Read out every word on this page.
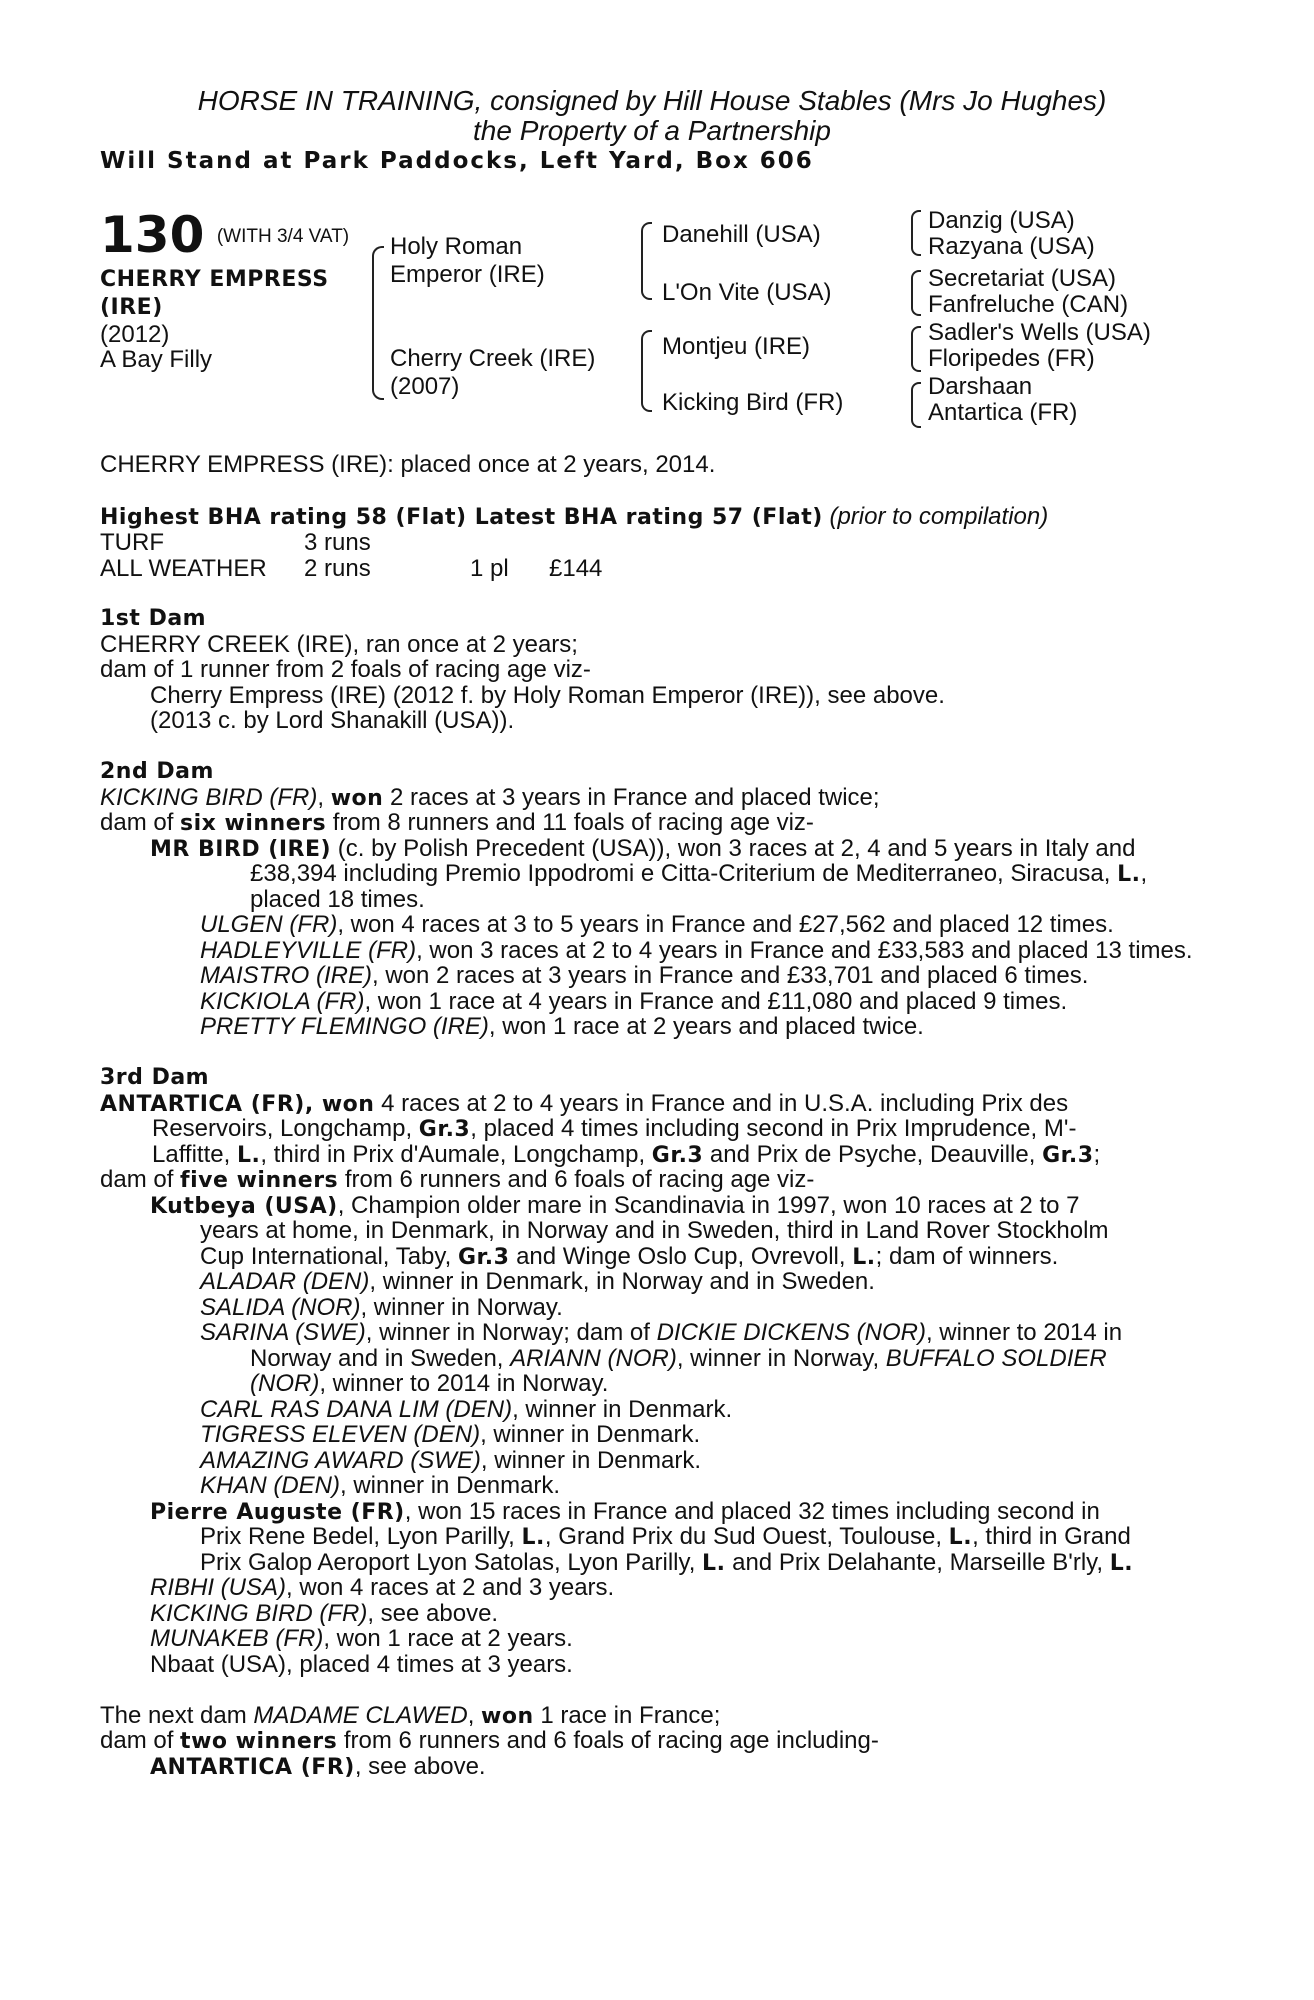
HORSE IN TRAINING, consigned by Hill House Stables (Mrs Jo Hughes)
the Property of a Partnership
Will Stand at Park Paddocks, Left Yard, Box 606
130 (WITH 3/4 VAT)
CHERRY EMPRESS
(IRE)
(2012)
A Bay Filly
Holy Roman
Emperor (IRE)
Cherry Creek (IRE)
(2007)
Danehill (USA)
L'On Vite (USA)
Montjeu (IRE)
Kicking Bird (FR)
Danzig (USA)
Razyana (USA)
Secretariat (USA)
Fanfreluche (CAN)
Sadler's Wells (USA)
Floripedes (FR)
Darshaan
Antartica (FR)
CHERRY EMPRESS (IRE): placed once at 2 years, 2014.
Highest BHA rating 58 (Flat) Latest BHA rating 57 (Flat) (prior to compilation)
TURF	3 runs
ALL WEATHER 2 runs	1 pl £144
1st Dam
CHERRY CREEK (IRE), ran once at 2 years;
dam of 1 runner from 2 foals of racing age viz-
Cherry Empress (IRE) (2012 f. by Holy Roman Emperor (IRE)), see above.
(2013 c. by Lord Shanakill (USA)).
2nd Dam
KICKING BIRD (FR), won 2 races at 3 years in France and placed twice;
dam of six winners from 8 runners and 11 foals of racing age viz-
MR BIRD (IRE) (c. by Polish Precedent (USA)), won 3 races at 2, 4 and 5 years in Italy and
£38,394 including Premio Ippodromi e Citta-Criterium de Mediterraneo, Siracusa, L.,
placed 18 times.
ULGEN (FR), won 4 races at 3 to 5 years in France and £27,562 and placed 12 times.
HADLEYVILLE (FR), won 3 races at 2 to 4 years in France and £33,583 and placed 13 times.
MAISTRO (IRE), won 2 races at 3 years in France and £33,701 and placed 6 times.
KICKIOLA (FR), won 1 race at 4 years in France and £11,080 and placed 9 times.
PRETTY FLEMINGO (IRE), won 1 race at 2 years and placed twice.
3rd Dam
ANTARTICA (FR), won 4 races at 2 to 4 years in France and in U.S.A. including Prix des
Reservoirs, Longchamp, Gr.3, placed 4 times including second in Prix Imprudence, M'-
Laffitte, L., third in Prix d'Aumale, Longchamp, Gr.3 and Prix de Psyche, Deauville, Gr.3;
dam of five winners from 6 runners and 6 foals of racing age viz-
Kutbeya (USA), Champion older mare in Scandinavia in 1997, won 10 races at 2 to 7
years at home, in Denmark, in Norway and in Sweden, third in Land Rover Stockholm
Cup International, Taby, Gr.3 and Winge Oslo Cup, Ovrevoll, L.; dam of winners.
ALADAR (DEN), winner in Denmark, in Norway and in Sweden.
SALIDA (NOR), winner in Norway.
SARINA (SWE), winner in Norway; dam of DICKIE DICKENS (NOR), winner to 2014 in
Norway and in Sweden, ARIANN (NOR), winner in Norway, BUFFALO SOLDIER
(NOR), winner to 2014 in Norway.
CARL RAS DANA LIM (DEN), winner in Denmark.
TIGRESS ELEVEN (DEN), winner in Denmark.
AMAZING AWARD (SWE), winner in Denmark.
KHAN (DEN), winner in Denmark.
Pierre Auguste (FR), won 15 races in France and placed 32 times including second in
Prix Rene Bedel, Lyon Parilly, L., Grand Prix du Sud Ouest, Toulouse, L., third in Grand
Prix Galop Aeroport Lyon Satolas, Lyon Parilly, L. and Prix Delahante, Marseille B'rly, L.
RIBHI (USA), won 4 races at 2 and 3 years.
KICKING BIRD (FR), see above.
MUNAKEB (FR), won 1 race at 2 years.
Nbaat (USA), placed 4 times at 3 years.
The next dam MADAME CLAWED, won 1 race in France;
dam of two winners from 6 runners and 6 foals of racing age including-
ANTARTICA (FR), see above.
